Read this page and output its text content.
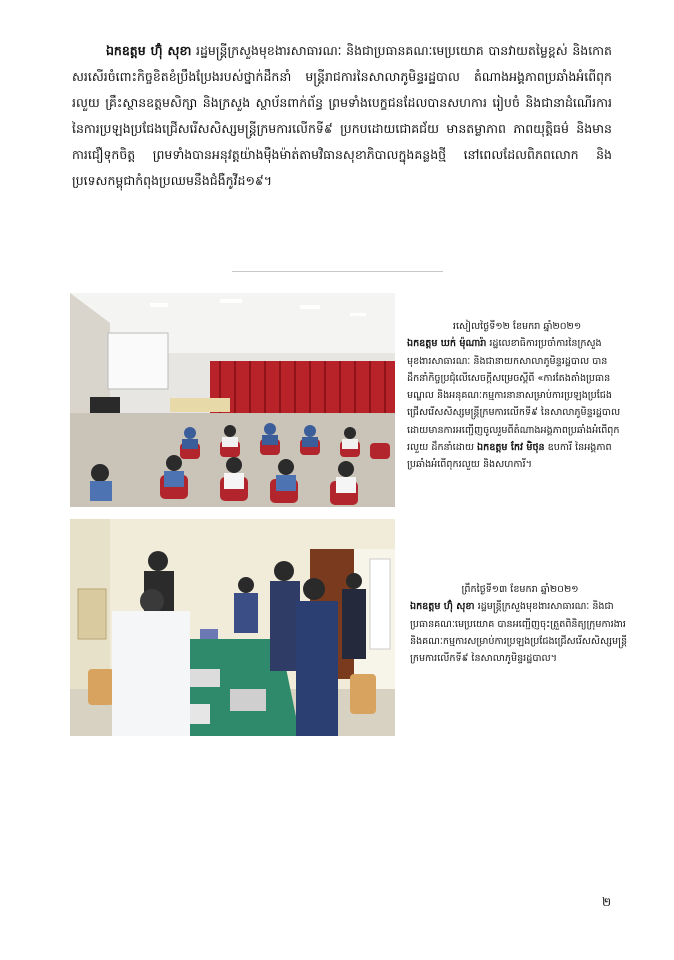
ឯកឧត្តម ហ៊ុំ សុខា រដ្ឋមន្ត្រីក្រសួងមុខងារសាធារណៈ និងជាប្រធានគណៈមេប្រយោគ បានវាយតម្លៃខ្ពស់ និងកោតសរសើរចំពោះកិច្ចខិតខំប្រឹងប្រែងរបស់ថ្នាក់ដឹកនាំ មន្ត្រីរាជការនៃសាលាភូមិន្ទរដ្ឋបាល តំណាងអង្គភាពប្រឆាំងអំពើពុករលួយ គ្រឹះស្ថានឧត្តមសិក្សា និងក្រសួង ស្ថាប័នពាក់ព័ន្ធ ព្រមទាំងបេក្ខជនដែលបានសហការ រៀបចំ និងជានាដំណើរការនៃការប្រឡងប្រជែងជ្រើសរើសសិស្សមន្ត្រីក្រមការលើកទី៩ ប្រកបដោយជោគជ័យ មានតម្លាភាព ភាពយុត្តិធម៌ និងមានការជឿទុកចិត្ត ព្រមទាំងបានអនុវត្តយ៉ាងម៉ឺងម៉ាត់តាមវិធានសុខាភិបាលក្នុងគន្លងថ្មី នៅពេលដែលពិភពលោក និងប្រទេសកម្ពុជាកំពុងប្រឈមនឹងជំងឺកូវីដ១៩។

រសៀលថ្ងៃទី១២ ខែមករា ឆ្នាំ២០២១
ឯកឧត្តម ឃក់ ម៉ុណារ៉ា រដ្ឋលេខាធិការប្រចាំការនៃក្រសួងមុខងារសាធារណៈ និងជានាយកសាលាភូមិន្ទរដ្ឋបាល បានដឹកនាំកិច្ចប្រជុំលើសេចក្ដីសម្រេចស្ដីពី «ការតែងតាំងប្រធានមណ្ឌល និងអនុគណៈកម្មការនានាសម្រាប់ការប្រឡងប្រជែងជ្រើសរើសសិស្សមន្ត្រីក្រមការលើកទី៩ នៃសាលាភូមិន្ទរដ្ឋបាល ដោយមានការអញ្ជើញចូលរួមពីតំណាងអង្គភាពប្រឆាំងអំពើពុករលួយ ដឹកនាំដោយ ឯកឧត្តម កែវ មិថុន ឧបការី នៃអង្គភាពប្រឆាំងអំពើពុករលួយ និងសហការី។

ព្រឹកថ្ងៃទី១៣ ខែមករា ឆ្នាំ២០២១
ឯកឧត្តម ហ៊ុំ សុខា រដ្ឋមន្ត្រីក្រសួងមុខងារសាធារណៈ និងជាប្រធានគណៈមេប្រយោគ បានអញ្ជើញចុះត្រួតពិនិត្យក្រុមការងារ និងគណៈកម្មការសម្រាប់ការប្រឡងប្រជែងជ្រើសរើសសិស្សមន្ត្រីក្រមការលើកទី៩ នៃសាលាភូមិន្ទរដ្ឋបាល។

២
